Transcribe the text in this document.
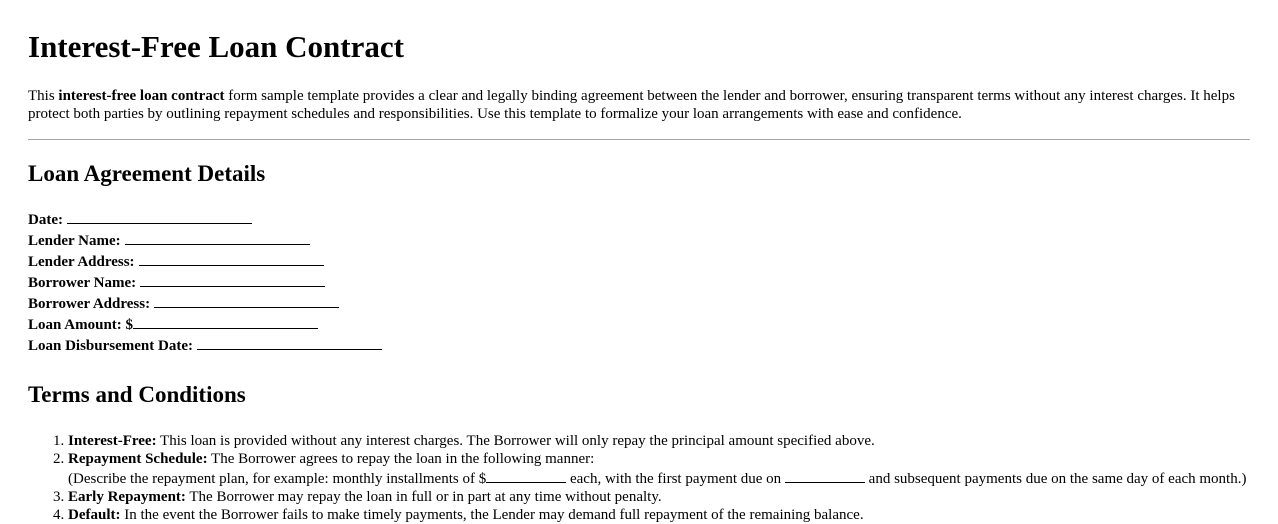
Interest-Free Loan Contract

This interest-free loan contract form sample template provides a clear and legally binding agreement between the lender and borrower, ensuring transparent terms without any interest charges. It helps protect both parties by outlining repayment schedules and responsibilities. Use this template to formalize your loan arrangements with ease and confidence.

Loan Agreement Details
Date:
Lender Name:
Lender Address:
Borrower Name:
Borrower Address:
Loan Amount: $
Loan Disbursement Date:
Terms and Conditions
1. Interest-Free: This loan is provided without any interest charges. The Borrower will only repay the principal amount specified above.
2. Repayment Schedule: The Borrower agrees to repay the loan in the following manner:
(Describe the repayment plan, for example: monthly installments of $	each, with the first payment due on	and subsequent payments due on the same day of each month.)
3. Early Repayment: The Borrower may repay the loan in full or in part at any time without penalty.
4. Default: In the event the Borrower fails to make timely payments, the Lender may demand full repayment of the remaining balance.
